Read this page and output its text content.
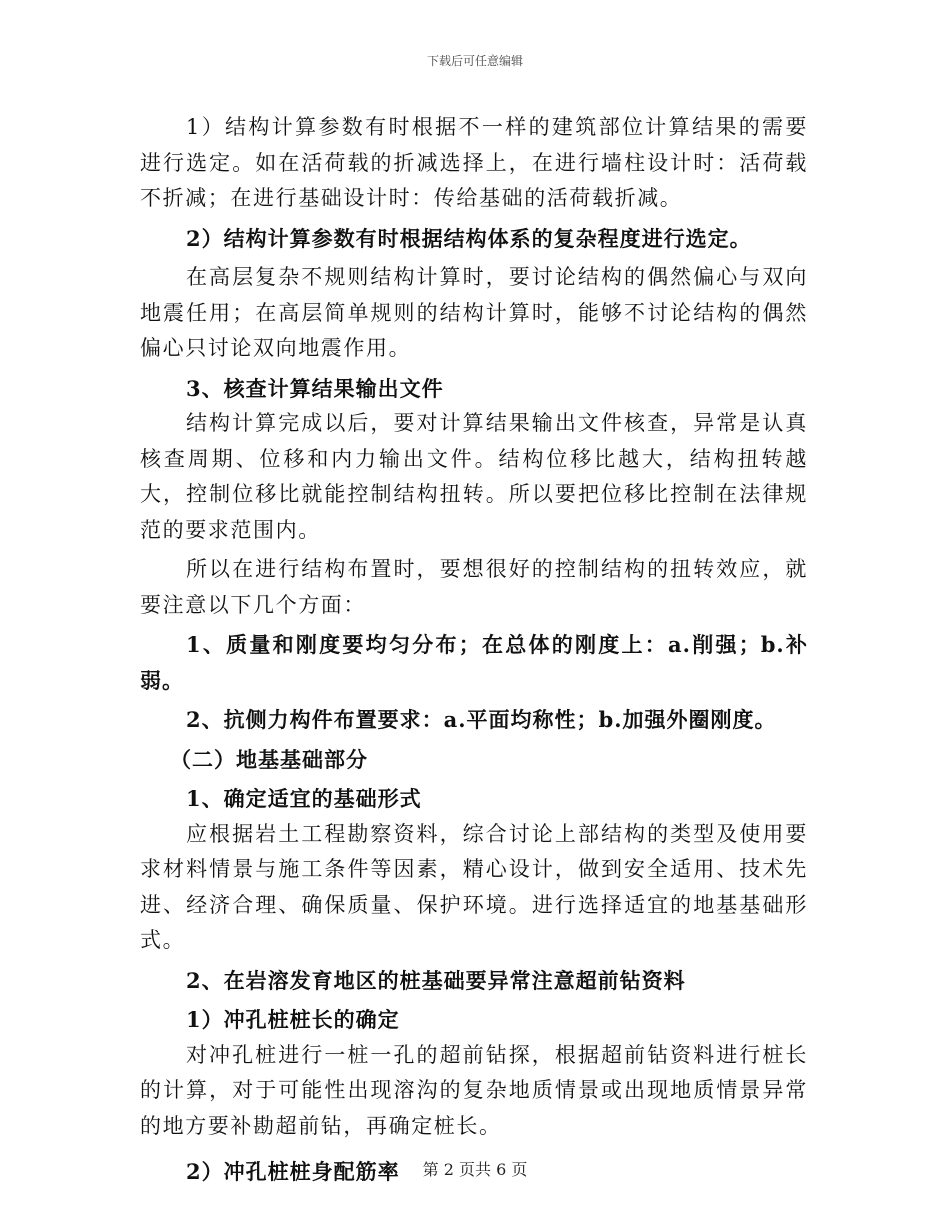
下载后可任意编辑

1）结构计算参数有时根据不一样的建筑部位计算结果的需要进行选定。如在活荷载的折减选择上，在进行墙柱设计时：活荷载不折减；在进行基础设计时：传给基础的活荷载折减。

2）结构计算参数有时根据结构体系的复杂程度进行选定。

在高层复杂不规则结构计算时，要讨论结构的偶然偏心与双向地震任用；在高层简单规则的结构计算时，能够不讨论结构的偶然偏心只讨论双向地震作用。

3、核查计算结果输出文件

结构计算完成以后，要对计算结果输出文件核查，异常是认真核查周期、位移和内力输出文件。结构位移比越大，结构扭转越大，控制位移比就能控制结构扭转。所以要把位移比控制在法律规范的要求范围内。

所以在进行结构布置时，要想很好的控制结构的扭转效应，就要注意以下几个方面：

1、质量和刚度要均匀分布；在总体的刚度上：a.削强；b.补弱。

2、抗侧力构件布置要求：a.平面均称性；b.加强外圈刚度。

（二）地基基础部分

1、确定适宜的基础形式

应根据岩土工程勘察资料，综合讨论上部结构的类型及使用要求材料情景与施工条件等因素，精心设计，做到安全适用、技术先进、经济合理、确保质量、保护环境。进行选择适宜的地基基础形式。

2、在岩溶发育地区的桩基础要异常注意超前钻资料

1）冲孔桩桩长的确定

对冲孔桩进行一桩一孔的超前钻探，根据超前钻资料进行桩长的计算，对于可能性出现溶沟的复杂地质情景或出现地质情景异常的地方要补勘超前钻，再确定桩长。

2）冲孔桩桩身配筋率	第 2 页共 6 页
